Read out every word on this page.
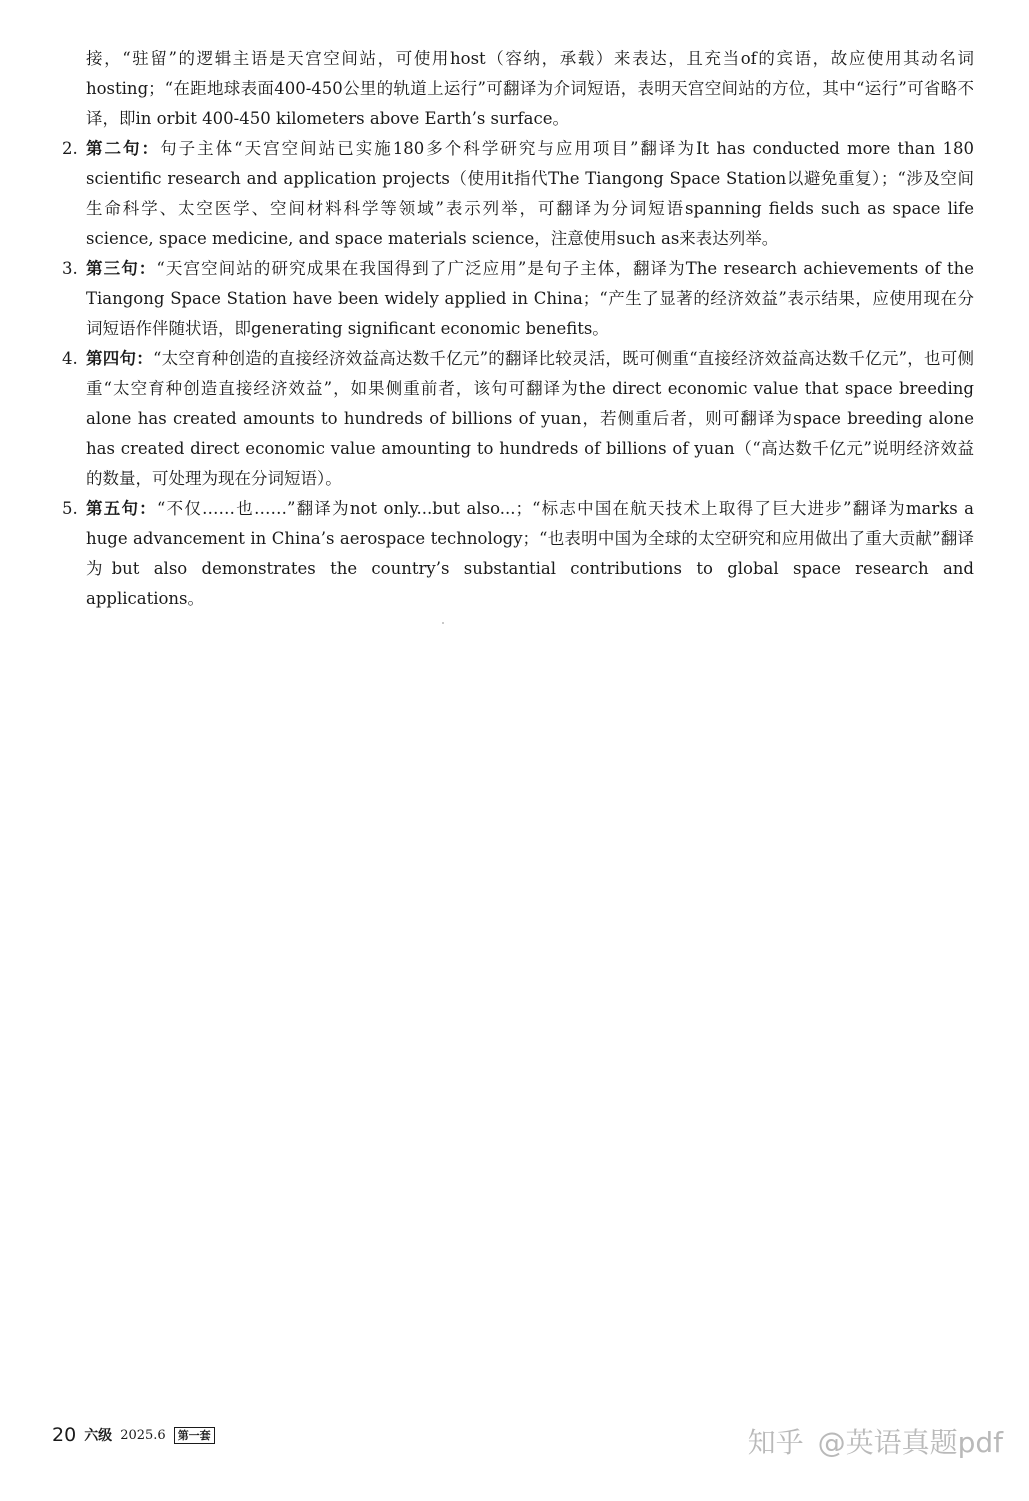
接，“驻留”的逻辑主语是天宫空间站，可使用host（容纳，承载）来表达，且充当of的宾语，故应使用其动名词hosting；“在距地球表面400-450公里的轨道上运行”可翻译为介词短语，表明天宫空间站的方位，其中“运行”可省略不译，即in orbit 400-450 kilometers above Earth’s surface。

2. 第二句：句子主体“天宫空间站已实施180多个科学研究与应用项目”翻译为It has conducted more than 180 scientific research and application projects（使用it指代The Tiangong Space Station以避免重复）；“涉及空间生命科学、太空医学、空间材料科学等领域”表示列举，可翻译为分词短语spanning fields such as space life science, space medicine, and space materials science，注意使用such as来表达列举。

3. 第三句：“天宫空间站的研究成果在我国得到了广泛应用”是句子主体，翻译为The research achievements of the Tiangong Space Station have been widely applied in China；“产生了显著的经济效益”表示结果，应使用现在分词短语作伴随状语，即generating significant economic benefits。

4. 第四句：“太空育种创造的直接经济效益高达数千亿元”的翻译比较灵活，既可侧重“直接经济效益高达数千亿元”，也可侧重“太空育种创造直接经济效益”，如果侧重前者，该句可翻译为the direct economic value that space breeding alone has created amounts to hundreds of billions of yuan，若侧重后者，则可翻译为space breeding alone has created direct economic value amounting to hundreds of billions of yuan（“高达数千亿元”说明经济效益的数量，可处理为现在分词短语）。

5. 第五句：“不仅……也……”翻译为not only...but also...；“标志中国在航天技术上取得了巨大进步”翻译为marks a huge advancement in China’s aerospace technology；“也表明中国为全球的太空研究和应用做出了重大贡献”翻译为but also demonstrates the country’s substantial contributions to global space research and applications。

20 六级 2025.6	第一套	知乎 @英语真题pdf
